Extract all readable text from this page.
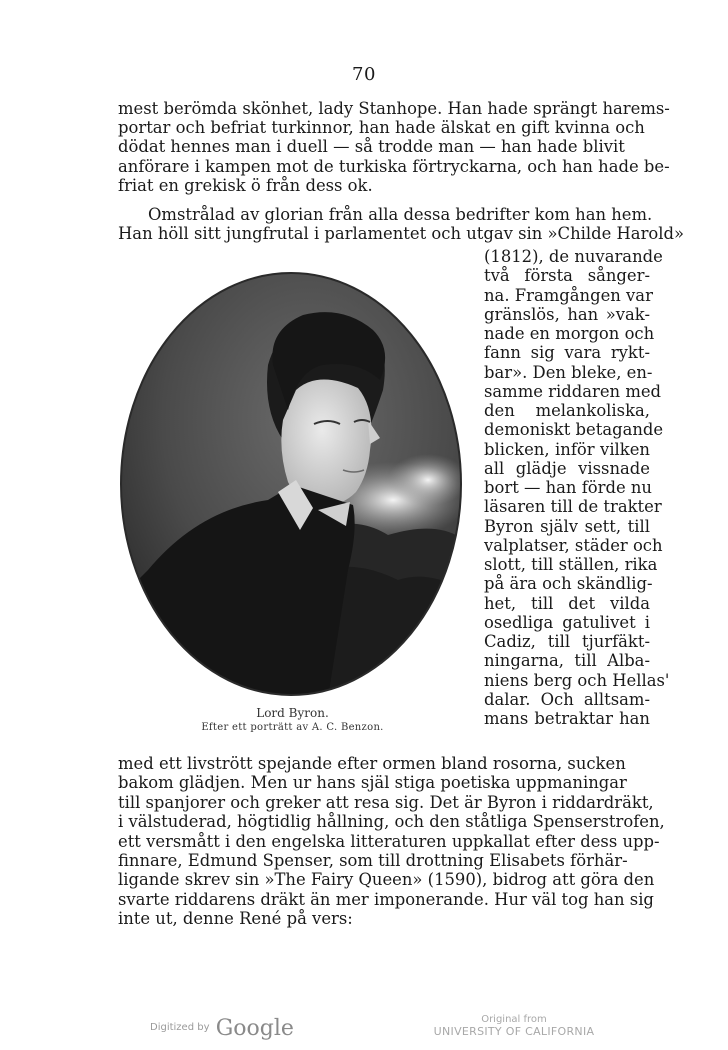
70
mest berömda skönhet, lady Stanhope. Han hade sprängt harems-
portar och befriat turkinnor, han hade älskat en gift kvinna och
dödat hennes man i duell — så trodde man — han hade blivit
anförare i kampen mot de turkiska förtryckarna, och han hade be-
friat en grekisk ö från dess ok.
Omstrålad av glorian från alla dessa bedrifter kom han hem.
Han höll sitt jungfrutal i parlamentet och utgav sin »Childe Harold»
Lord Byron.
Efter ett porträtt av A. C. Benzon.
(1812), de nuvarande
två första sånger-
na. Framgången var
gränslös, han »vak-
nade en morgon och
fann sig vara rykt-
bar». Den bleke, en-
samme riddaren med
den melankoliska,
demoniskt betagande
blicken, inför vilken
all glädje vissnade
bort — han förde nu
läsaren till de trakter
Byron själv sett, till
valplatser, städer och
slott, till ställen, rika
på ära och skändlig-
het, till det vilda
osedliga gatulivet i
Cadiz, till tjurfäkt-
ningarna, till Alba-
niens berg och Hellas'
dalar. Och alltsam-
mans betraktar han
med ett livstrött spejande efter ormen bland rosorna, sucken
bakom glädjen. Men ur hans själ stiga poetiska uppmaningar
till spanjorer och greker att resa sig. Det är Byron i riddardräkt,
i välstuderad, högtidlig hållning, och den ståtliga Spenserstrofen,
ett versmått i den engelska litteraturen uppkallat efter dess upp-
finnare, Edmund Spenser, som till drottning Elisabets förhär-
ligande skrev sin »The Fairy Queen» (1590), bidrog att göra den
svarte riddarens dräkt än mer imponerande. Hur väl tog han sig
inte ut, denne René på vers:
Digitized by Google	Original from
UNIVERSITY OF CALIFORNIA
